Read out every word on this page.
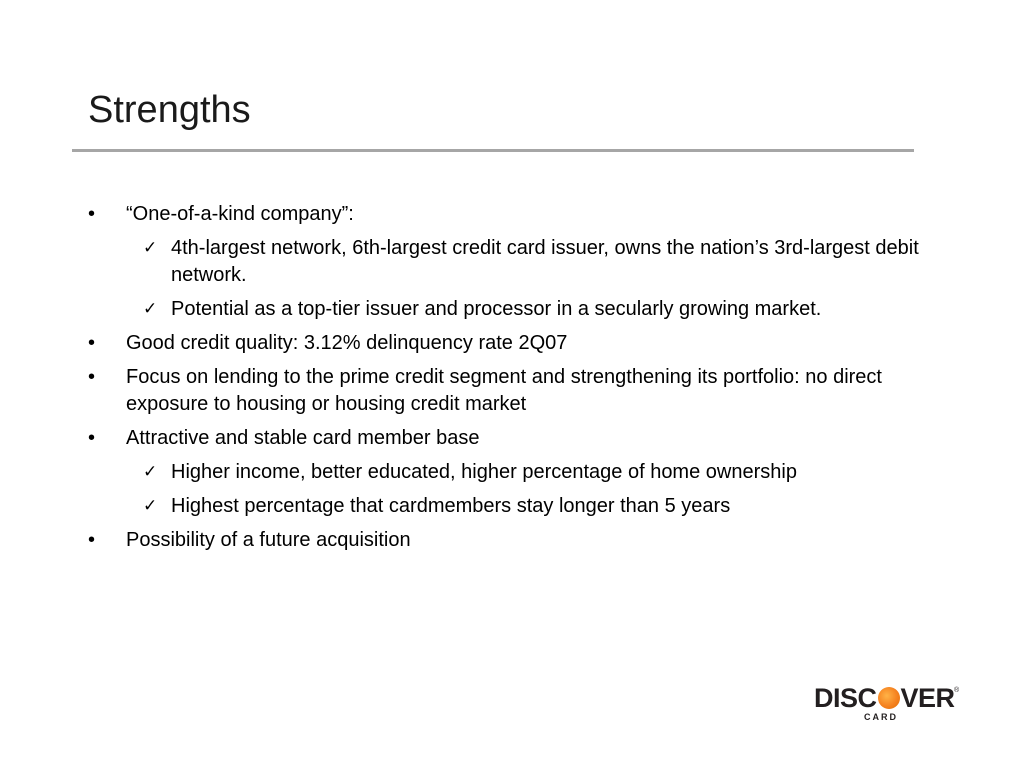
Strengths
•	“One-of-a-kind company”:
✓ 4th-largest network, 6th-largest credit card issuer, owns the nation’s 3rd-largest debit network.
✓ Potential as a top-tier issuer and processor in a secularly growing market.
•	Good credit quality: 3.12% delinquency rate 2Q07
•	Focus on lending to the prime credit segment and strengthening its portfolio: no direct exposure to housing or housing credit market
•	Attractive and stable card member base
✓ Higher income, better educated, higher percentage of home ownership
✓ Highest percentage that cardmembers stay longer than 5 years
•	Possibility of a future acquisition
DISC VER ®
CARD
